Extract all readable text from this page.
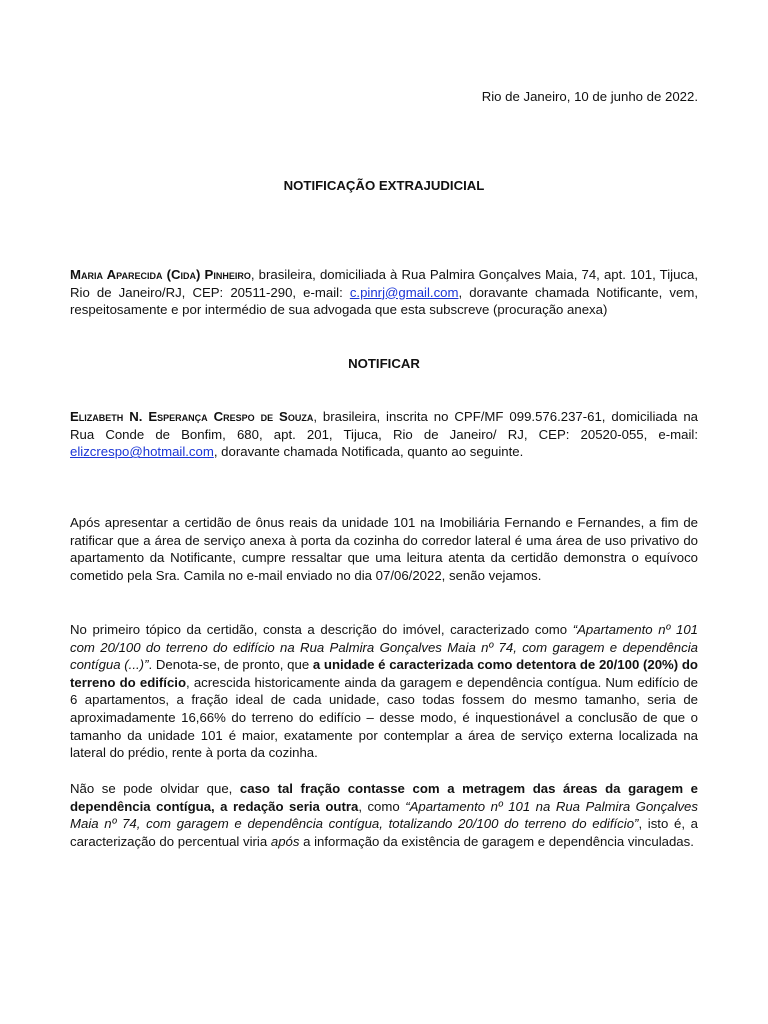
Rio de Janeiro, 10 de junho de 2022.
NOTIFICAÇÃO EXTRAJUDICIAL
Maria Aparecida (Cida) Pinheiro, brasileira, domiciliada à Rua Palmira Gonçalves Maia, 74, apt. 101, Tijuca, Rio de Janeiro/RJ, CEP: 20511-290, e-mail: c.pinrj@gmail.com, doravante chamada Notificante, vem, respeitosamente e por intermédio de sua advogada que esta subscreve (procuração anexa)
NOTIFICAR
Elizabeth N. Esperança Crespo de Souza, brasileira, inscrita no CPF/MF 099.576.237-61, domiciliada na Rua Conde de Bonfim, 680, apt. 201, Tijuca, Rio de Janeiro/ RJ, CEP: 20520-055, e-mail: elizcrespo@hotmail.com, doravante chamada Notificada, quanto ao seguinte.
Após apresentar a certidão de ônus reais da unidade 101 na Imobiliária Fernando e Fernandes, a fim de ratificar que a área de serviço anexa à porta da cozinha do corredor lateral é uma área de uso privativo do apartamento da Notificante, cumpre ressaltar que uma leitura atenta da certidão demonstra o equívoco cometido pela Sra. Camila no e-mail enviado no dia 07/06/2022, senão vejamos.
No primeiro tópico da certidão, consta a descrição do imóvel, caracterizado como “Apartamento nº 101 com 20/100 do terreno do edifício na Rua Palmira Gonçalves Maia nº 74, com garagem e dependência contígua (...)”. Denota-se, de pronto, que a unidade é caracterizada como detentora de 20/100 (20%) do terreno do edifício, acrescida historicamente ainda da garagem e dependência contígua. Num edifício de 6 apartamentos, a fração ideal de cada unidade, caso todas fossem do mesmo tamanho, seria de aproximadamente 16,66% do terreno do edifício – desse modo, é inquestionável a conclusão de que o tamanho da unidade 101 é maior, exatamente por contemplar a área de serviço externa localizada na lateral do prédio, rente à porta da cozinha.
Não se pode olvidar que, caso tal fração contasse com a metragem das áreas da garagem e dependência contígua, a redação seria outra, como “Apartamento nº 101 na Rua Palmira Gonçalves Maia nº 74, com garagem e dependência contígua, totalizando 20/100 do terreno do edifício”, isto é, a caracterização do percentual viria após a informação da existência de garagem e dependência vinculadas.
